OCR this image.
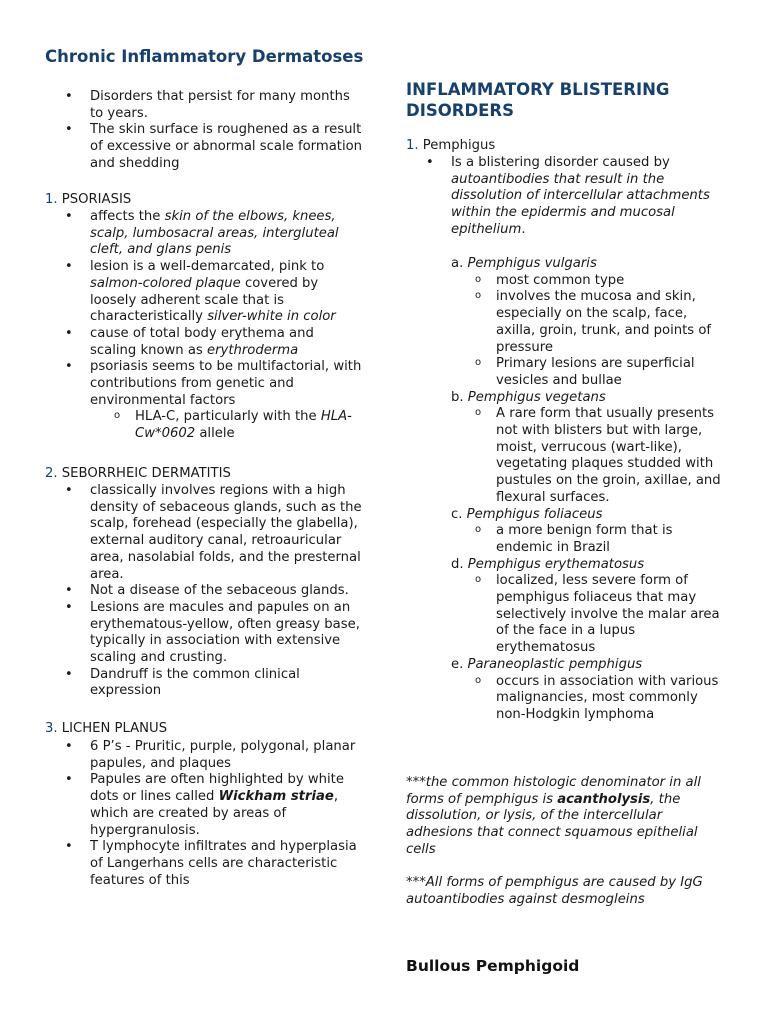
Chronic Inflammatory Dermatoses
• Disorders that persist for many months to years.
• The skin surface is roughened as a result of excessive or abnormal scale formation and shedding
1. PSORIASIS
• affects the skin of the elbows, knees, scalp, lumbosacral areas, intergluteal cleft, and glans penis
• lesion is a well-demarcated, pink to salmon-colored plaque covered by loosely adherent scale that is characteristically silver-white in color
• cause of total body erythema and scaling known as erythroderma
• psoriasis seems to be multifactorial, with contributions from genetic and environmental factors
o HLA-C, particularly with the HLA-Cw*0602 allele
2. SEBORRHEIC DERMATITIS
• classically involves regions with a high density of sebaceous glands, such as the scalp, forehead (especially the glabella), external auditory canal, retroauricular area, nasolabial folds, and the presternal area.
• Not a disease of the sebaceous glands.
• Lesions are macules and papules on an erythematous-yellow, often greasy base, typically in association with extensive scaling and crusting.
• Dandruff is the common clinical expression
3. LICHEN PLANUS
• 6 P’s - Pruritic, purple, polygonal, planar papules, and plaques
• Papules are often highlighted by white dots or lines called Wickham striae, which are created by areas of hypergranulosis.
• T lymphocyte infiltrates and hyperplasia of Langerhans cells are characteristic features of this
INFLAMMATORY BLISTERING DISORDERS
1. Pemphigus
• Is a blistering disorder caused by autoantibodies that result in the dissolution of intercellular attachments within the epidermis and mucosal epithelium.
a. Pemphigus vulgaris
o most common type
o involves the mucosa and skin, especially on the scalp, face, axilla, groin, trunk, and points of pressure
o Primary lesions are superficial vesicles and bullae
b. Pemphigus vegetans
o A rare form that usually presents not with blisters but with large, moist, verrucous (wart-like), vegetating plaques studded with pustules on the groin, axillae, and flexural surfaces.
c. Pemphigus foliaceus
o a more benign form that is endemic in Brazil
d. Pemphigus erythematosus
o localized, less severe form of pemphigus foliaceus that may selectively involve the malar area of the face in a lupus erythematosus
e. Paraneoplastic pemphigus
o occurs in association with various malignancies, most commonly non-Hodgkin lymphoma
***the common histologic denominator in all forms of pemphigus is acantholysis, the dissolution, or lysis, of the intercellular adhesions that connect squamous epithelial cells
***All forms of pemphigus are caused by IgG autoantibodies against desmogleins
Bullous Pemphigoid
